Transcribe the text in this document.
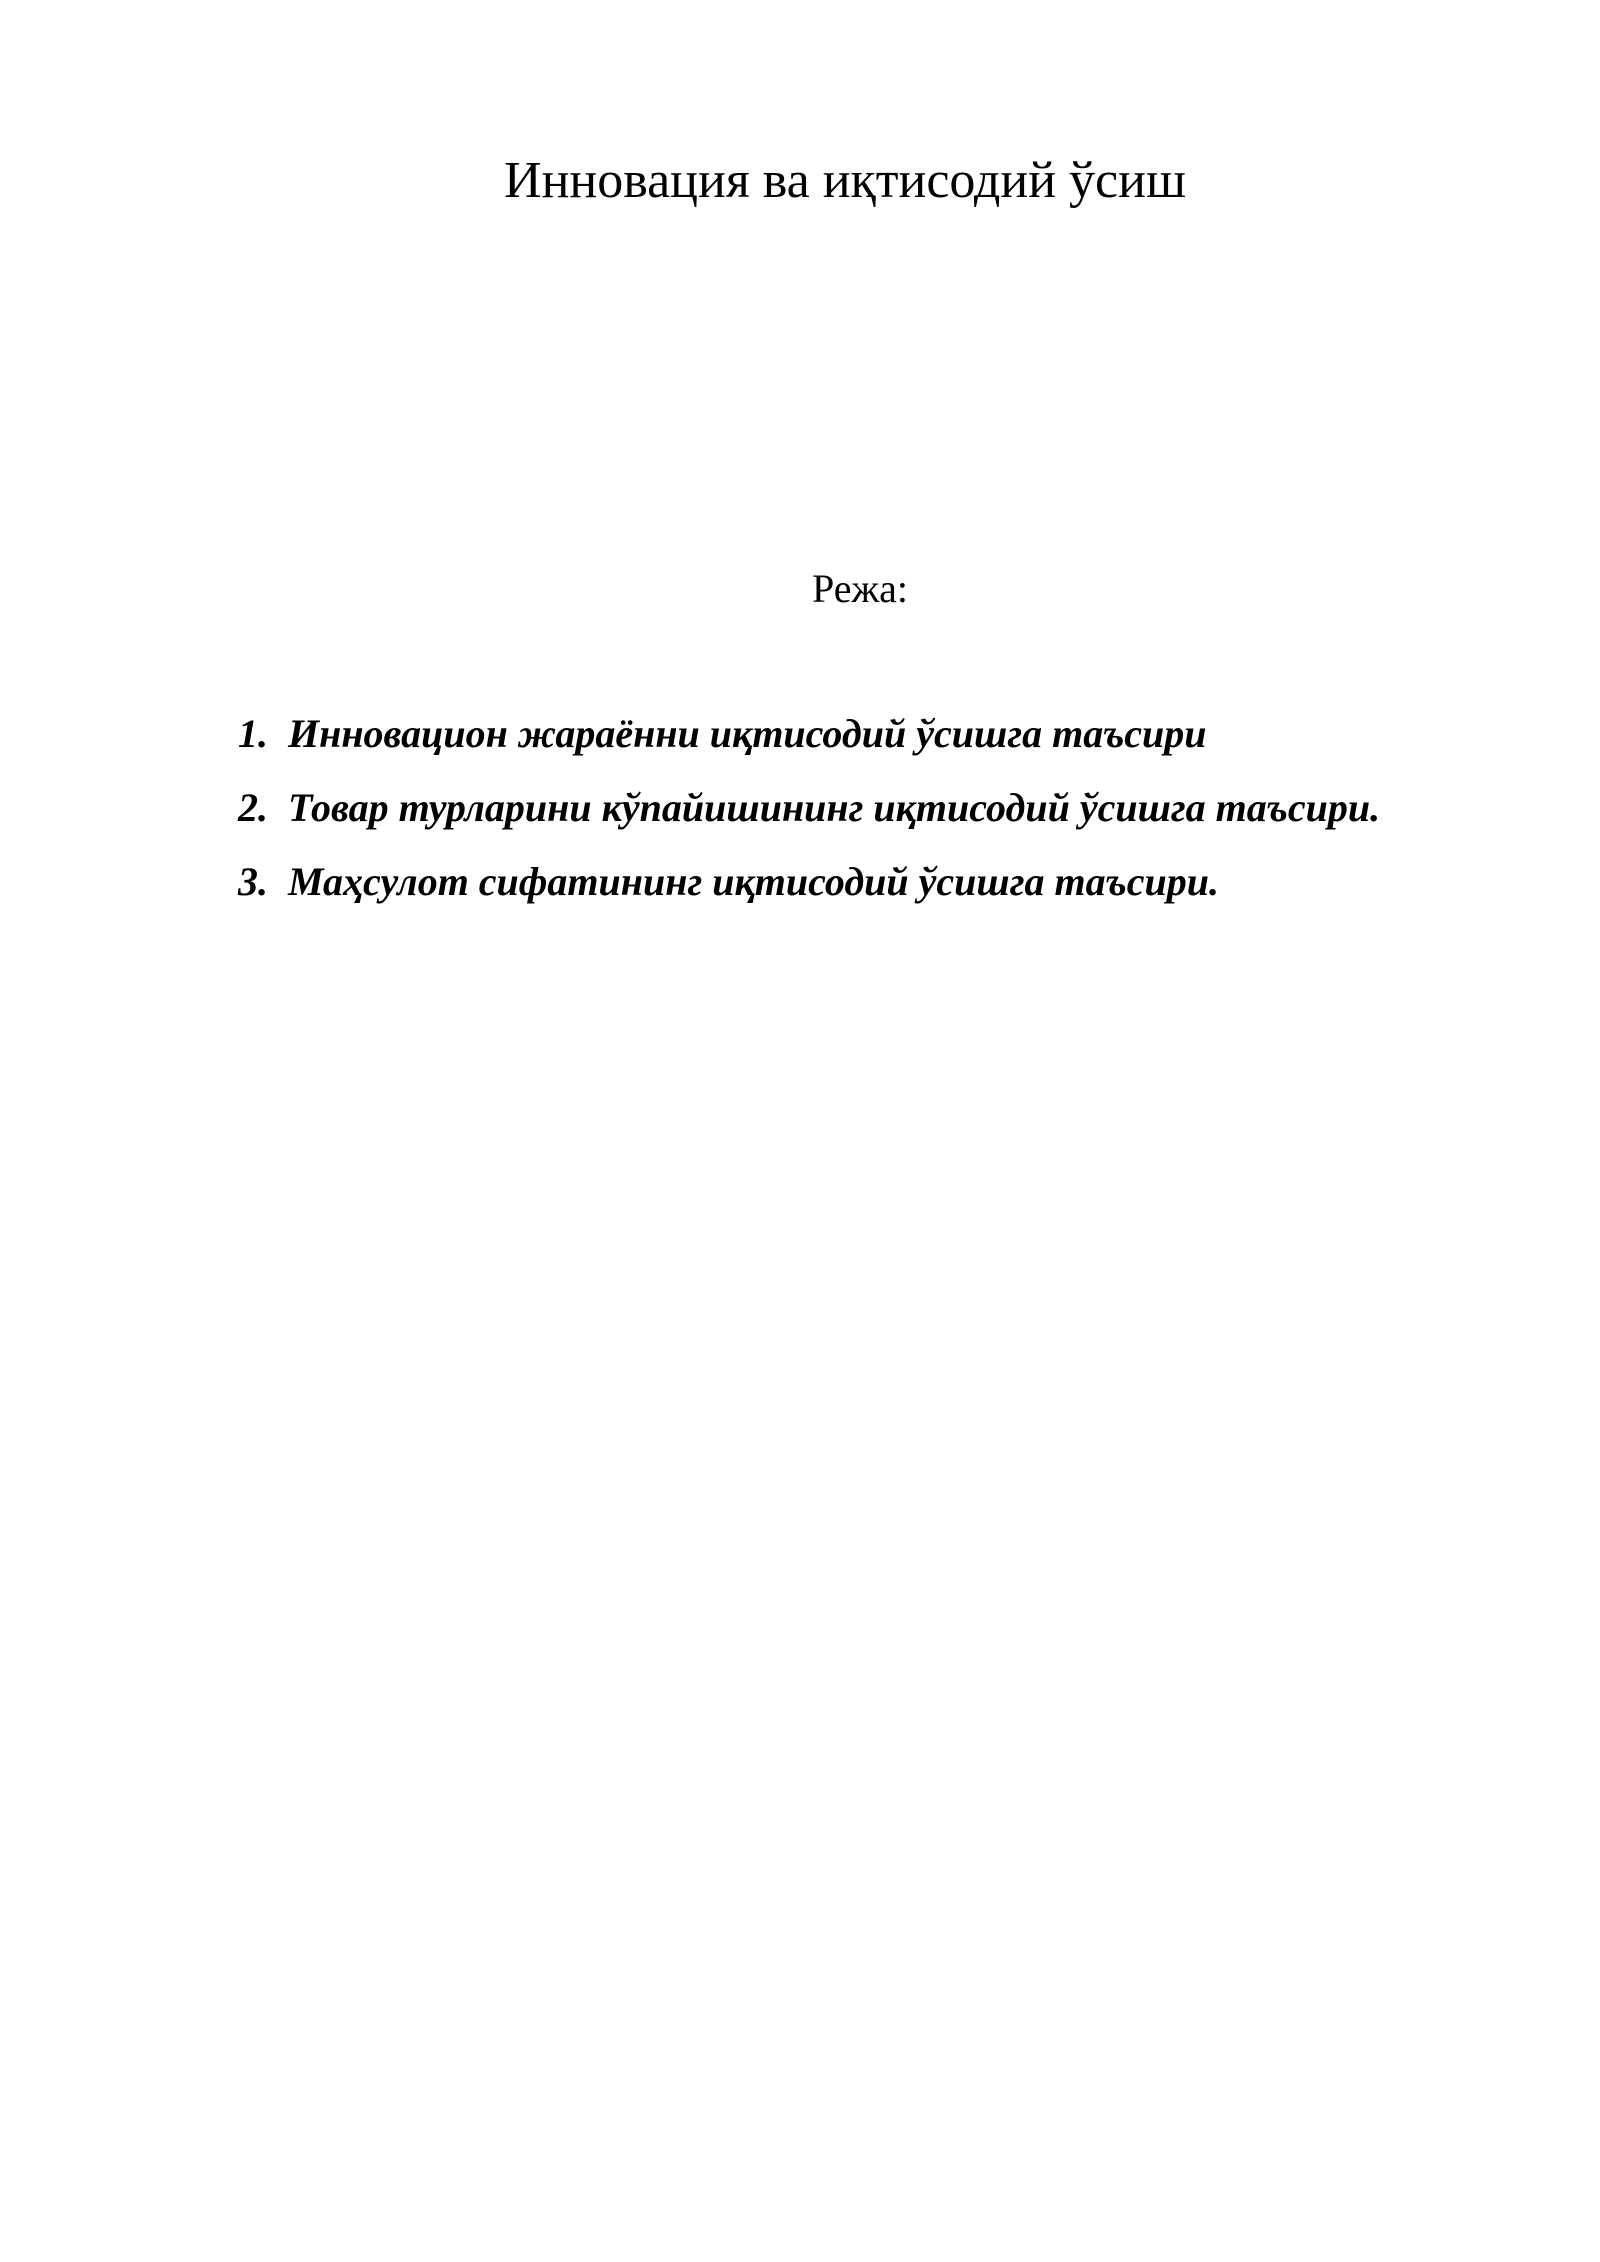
Инновация ва иқтисодий ўсиш
Режа:
1. Инновацион жараённи иқтисодий ўсишга таъсири
2. Товар турларини кўпайишининг иқтисодий ўсишга таъсири.
3. Маҳсулот сифатининг иқтисодий ўсишга таъсири.
